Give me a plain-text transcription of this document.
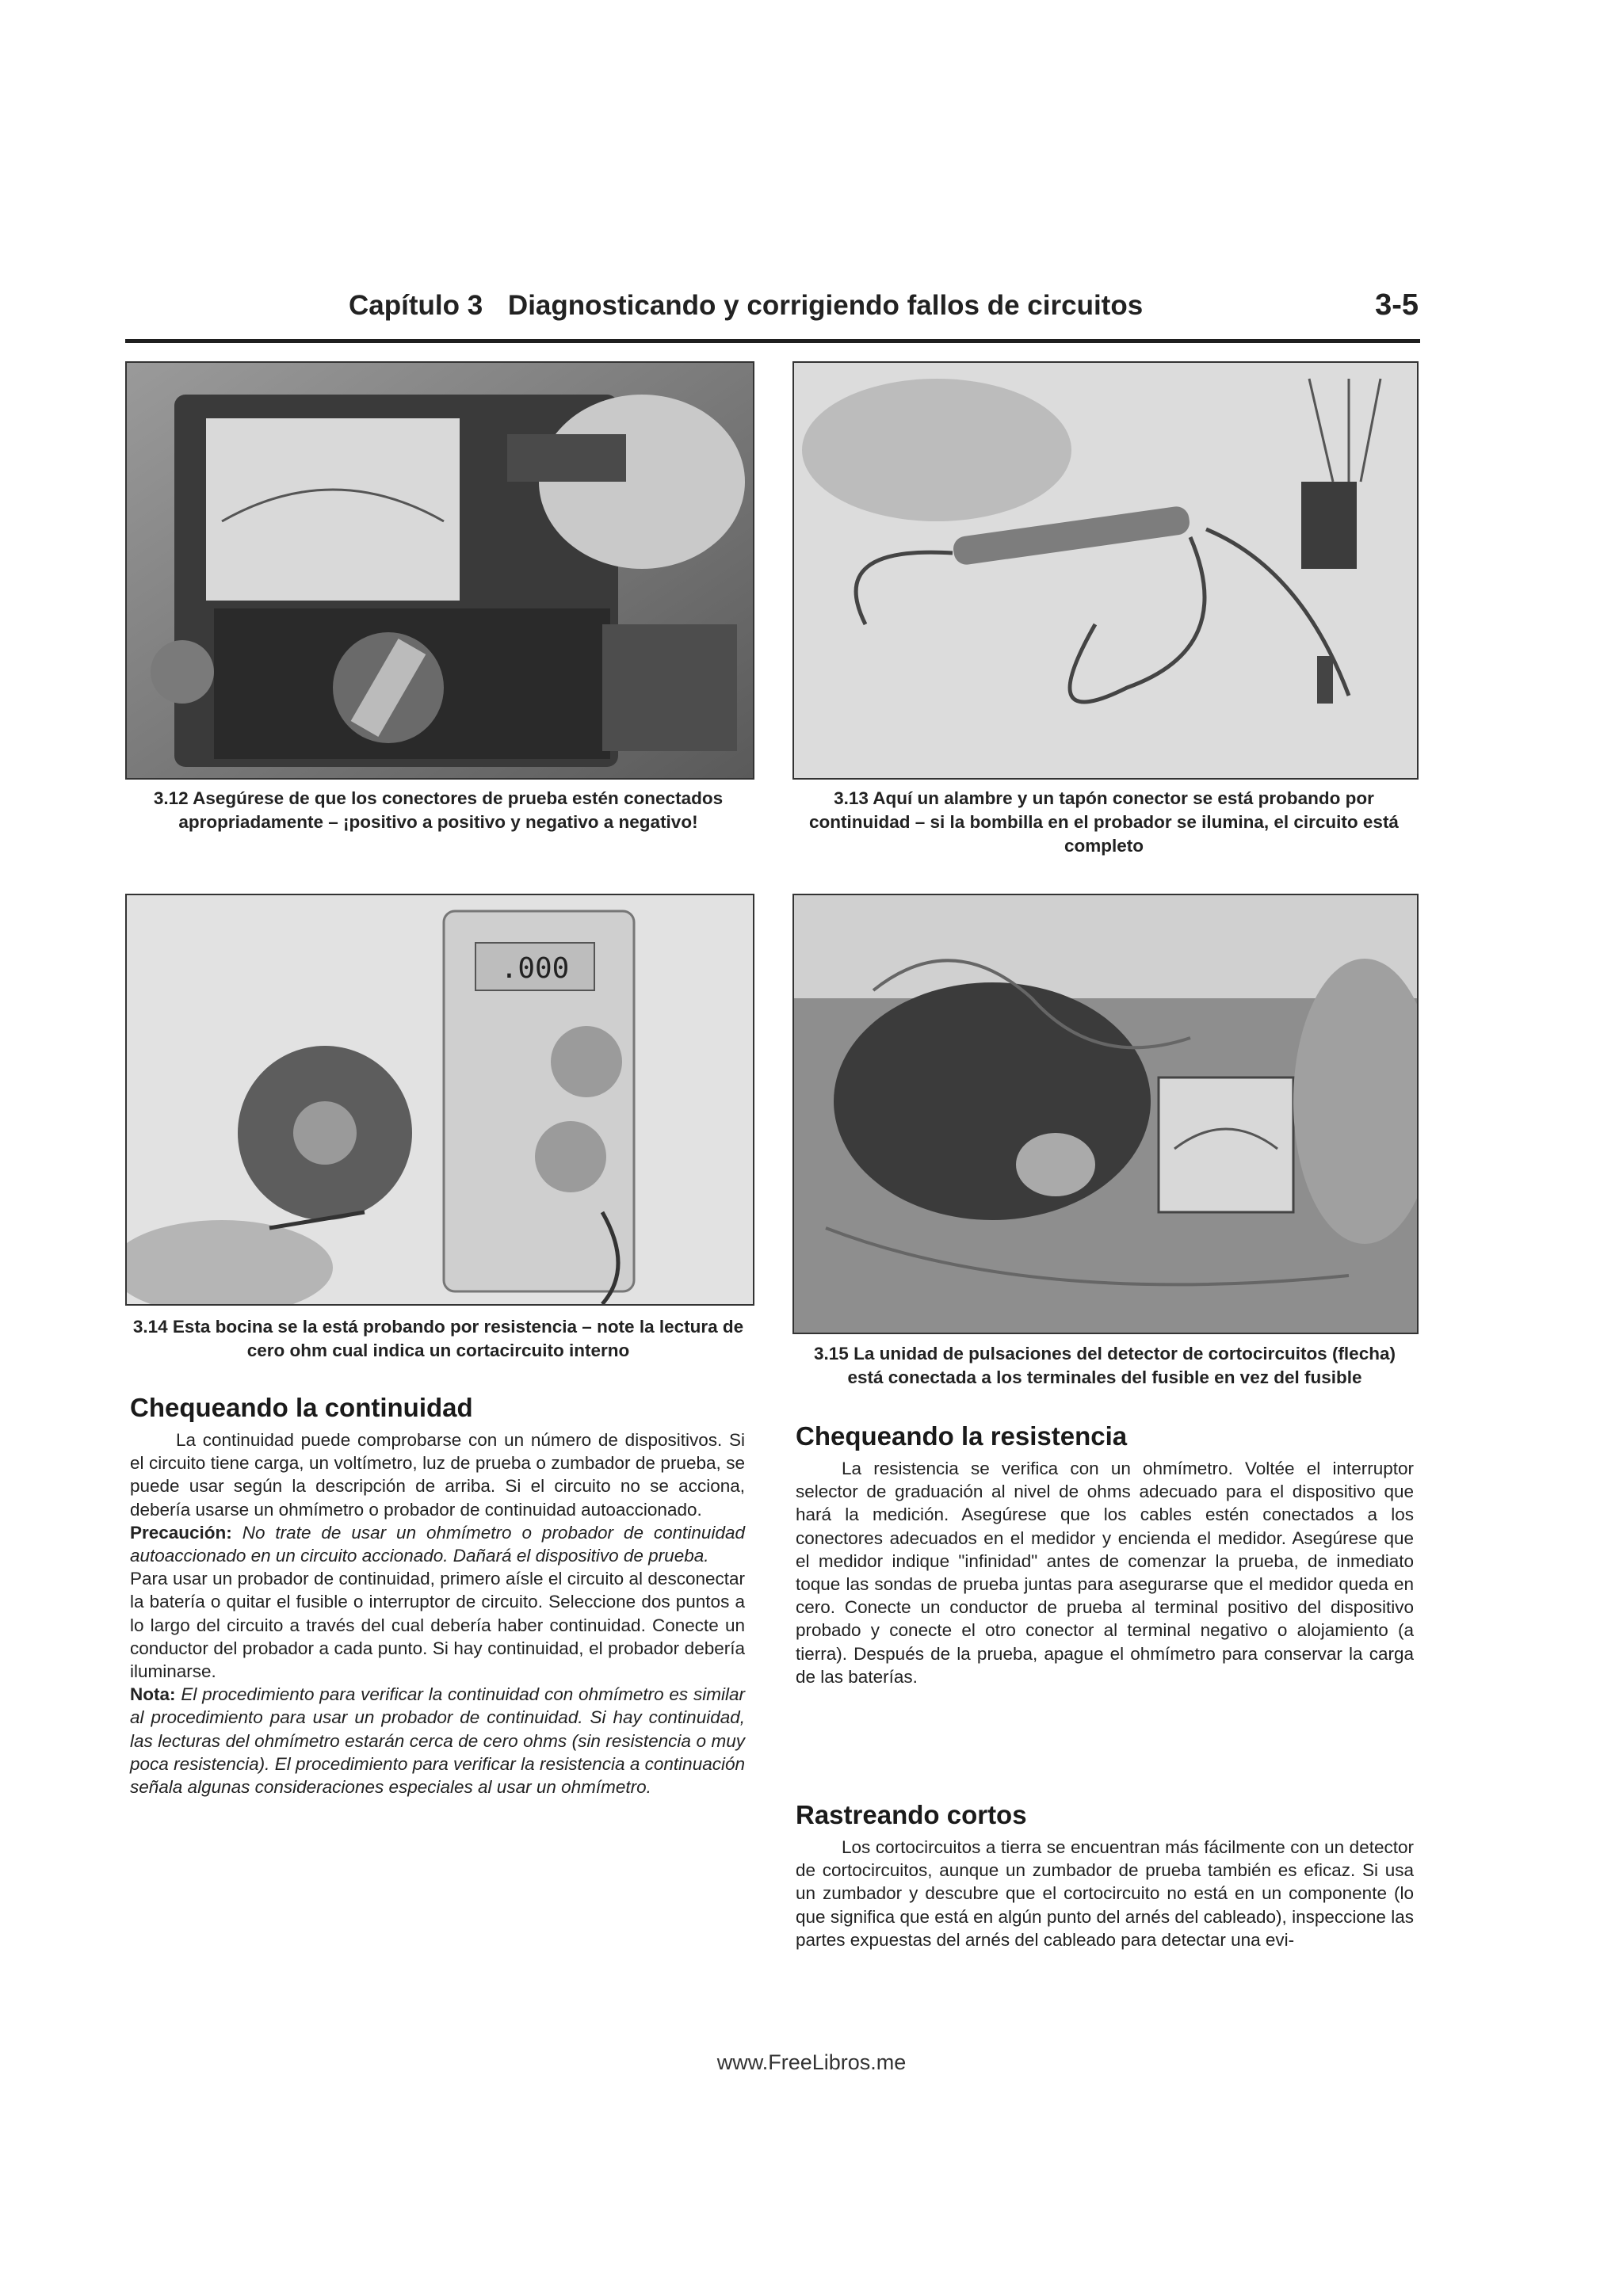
Capítulo 3 Diagnosticando y corrigiendo fallos de circuitos	3-5
3.12 Asegúrese de que los conectores de prueba estén conectados apropriadamente – ¡positivo a positivo y negativo a negativo!
3.13 Aquí un alambre y un tapón conector se está probando por continuidad – si la bombilla en el probador se ilumina, el circuito está completo
.000
3.14 Esta bocina se la está probando por resistencia – note la lectura de cero ohm cual indica un cortacircuito interno	3.15 La unidad de pulsaciones del detector de cortocircuitos (flecha) está conectada a los terminales del fusible en vez del fusible
Chequeando la continuidad

La continuidad puede comprobarse con un número de dispositivos. Si el circuito tiene carga, un voltímetro, luz de prueba o zumbador de prueba, se puede usar según la descripción de arriba. Si el circuito no se acciona, debería usarse un ohmímetro o probador de continuidad autoaccionado.

Precaución: No trate de usar un ohmímetro o probador de continuidad autoaccionado en un circuito accionado. Dañará el dispositivo de prueba.

Para usar un probador de continuidad, primero aísle el circuito al desconectar la batería o quitar el fusible o interruptor de circuito. Seleccione dos puntos a lo largo del circuito a través del cual debería haber continuidad. Conecte un conductor del probador a cada punto. Si hay continuidad, el probador debería iluminarse.

Nota: El procedimiento para verificar la continuidad con ohmímetro es similar al procedimiento para usar un probador de continuidad. Si hay continuidad, las lecturas del ohmímetro estarán cerca de cero ohms (sin resistencia o muy poca resistencia). El procedimiento para verificar la resistencia a continuación señala algunas consideraciones especiales al usar un ohmímetro.

Chequeando la resistencia

La resistencia se verifica con un ohmímetro. Voltée el interruptor selector de graduación al nivel de ohms adecuado para el dispositivo que hará la medición. Asegúrese que los cables estén conectados a los conectores adecuados en el medidor y encienda el medidor. Asegúrese que el medidor indique "infinidad" antes de comenzar la prueba, de inmediato toque las sondas de prueba juntas para asegurarse que el medidor queda en cero. Conecte un conductor de prueba al terminal positivo del dispositivo probado y conecte el otro conector al terminal negativo o alojamiento (a tierra). Después de la prueba, apague el ohmímetro para conservar la carga de las baterías.

Rastreando cortos

Los cortocircuitos a tierra se encuentran más fácilmente con un detector de cortocircuitos, aunque un zumbador de prueba también es eficaz. Si usa un zumbador y descubre que el cortocircuito no está en un componente (lo que significa que está en algún punto del arnés del cableado), inspeccione las partes expuestas del arnés del cableado para detectar una evi-

www.FreeLibros.me
